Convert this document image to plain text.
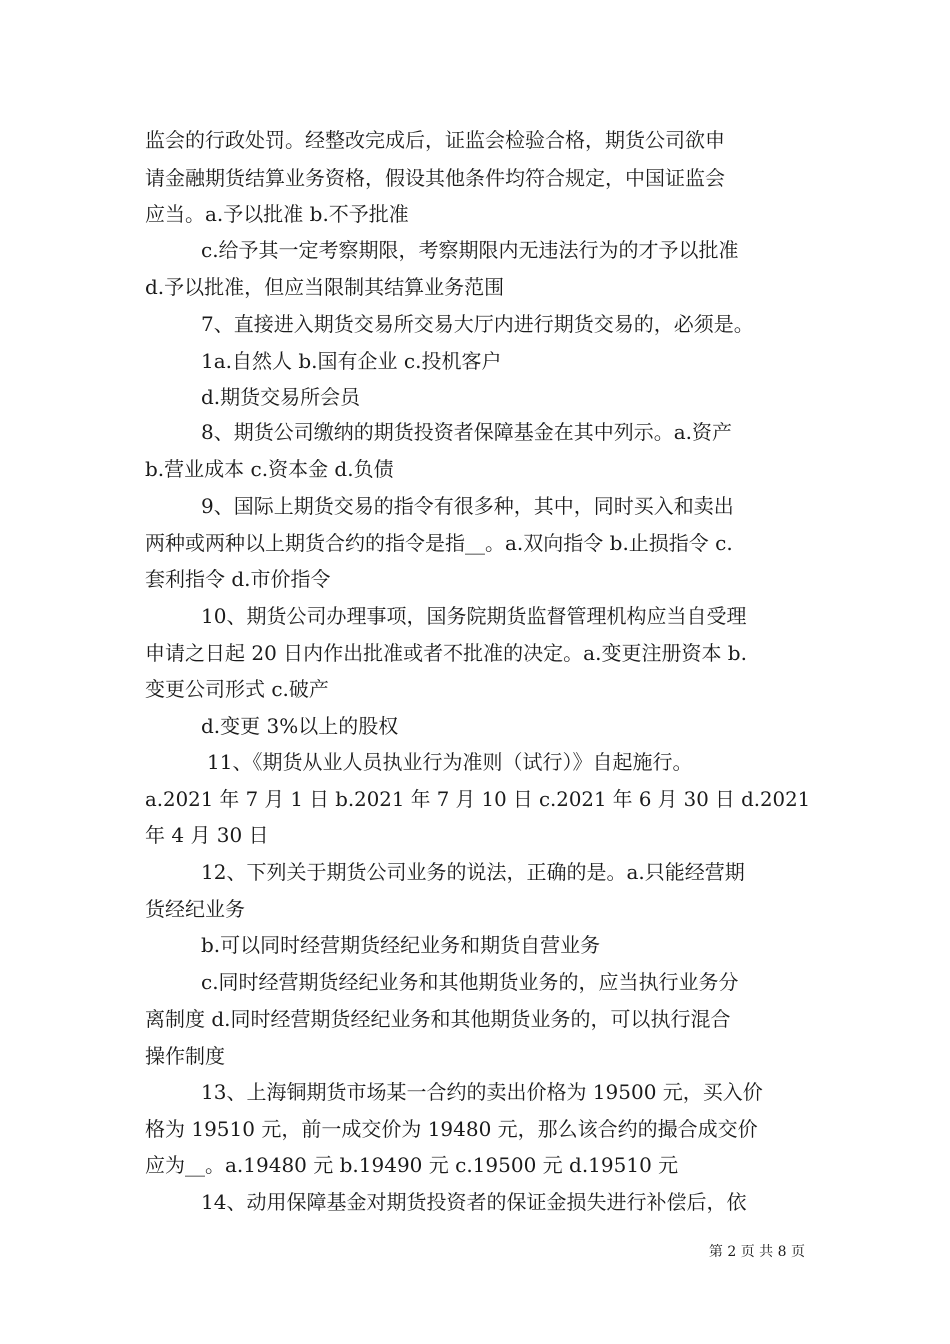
监会的行政处罚。经整改完成后，证监会检验合格，期货公司欲申
请金融期货结算业务资格，假设其他条件均符合规定，中国证监会
应当。a.予以批准 b.不予批准
c.给予其一定考察期限，考察期限内无违法行为的才予以批准
d.予以批准，但应当限制其结算业务范围
7、直接进入期货交易所交易大厅内进行期货交易的，必须是。
1a.自然人 b.国有企业 c.投机客户
d.期货交易所会员
8、期货公司缴纳的期货投资者保障基金在其中列示。a.资产
b.营业成本 c.资本金 d.负债
9、国际上期货交易的指令有很多种，其中，同时买入和卖出
两种或两种以上期货合约的指令是指__。a.双向指令 b.止损指令 c.
套利指令 d.市价指令
10、期货公司办理事项，国务院期货监督管理机构应当自受理
申请之日起 20 日内作出批准或者不批准的决定。a.变更注册资本 b.
变更公司形式 c.破产
d.变更 3%以上的股权
11、《期货从业人员执业行为准则（试行）》自起施行。
a.2021 年 7 月 1 日 b.2021 年 7 月 10 日 c.2021 年 6 月 30 日 d.2021
年 4 月 30 日
12、下列关于期货公司业务的说法，正确的是。a.只能经营期
货经纪业务
b.可以同时经营期货经纪业务和期货自营业务
c.同时经营期货经纪业务和其他期货业务的，应当执行业务分
离制度 d.同时经营期货经纪业务和其他期货业务的，可以执行混合
操作制度
13、上海铜期货市场某一合约的卖出价格为 19500 元，买入价
格为 19510 元，前一成交价为 19480 元，那么该合约的撮合成交价
应为__。a.19480 元 b.19490 元 c.19500 元 d.19510 元
14、动用保障基金对期货投资者的保证金损失进行补偿后，依
第 2 页 共 8 页
